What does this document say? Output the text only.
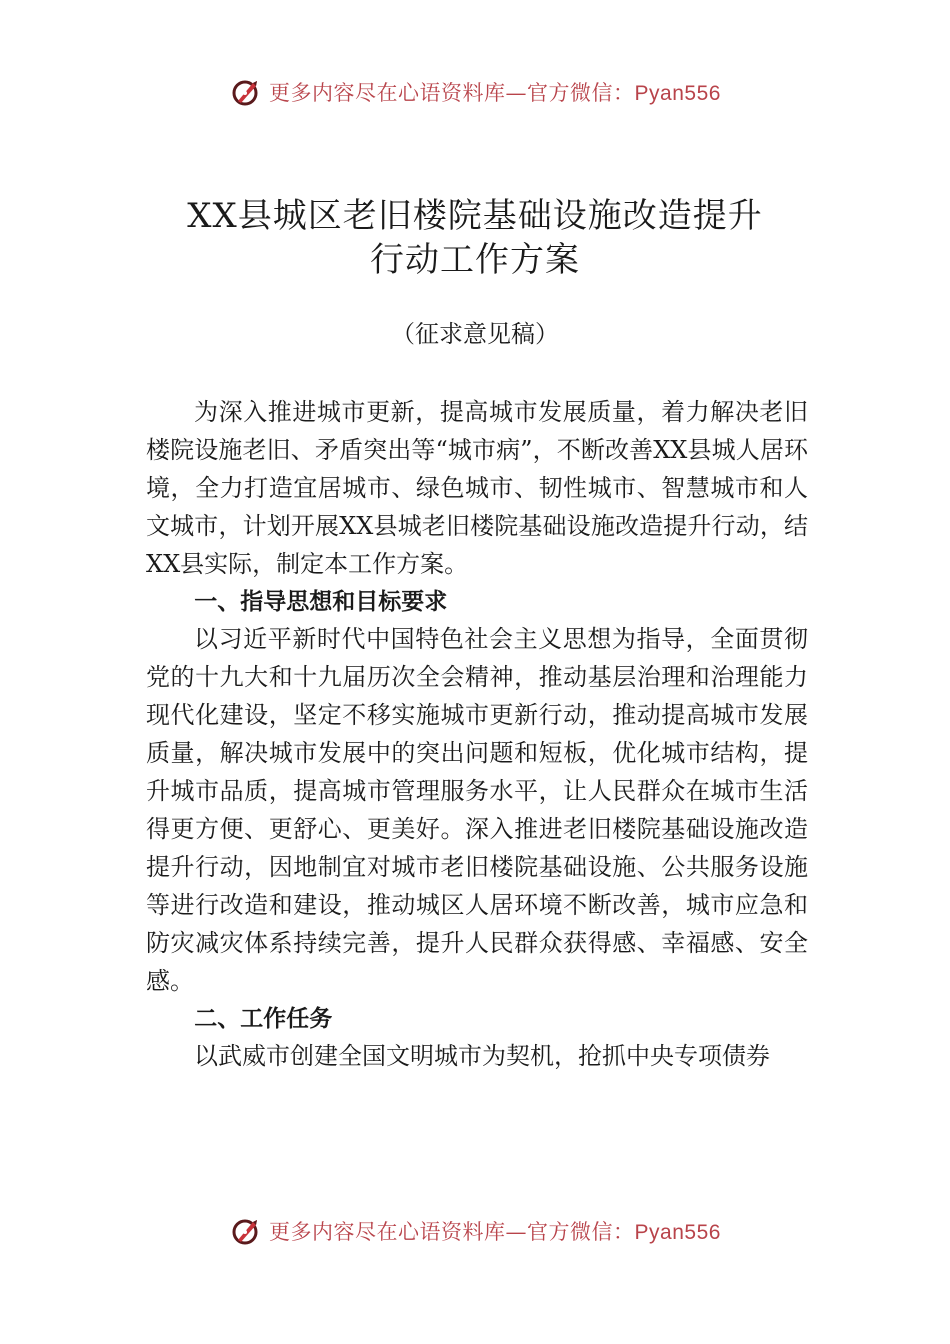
更多内容尽在心语资料库—官方微信：Pyan556
XX县城区老旧楼院基础设施改造提升
行动工作方案
（征求意见稿）

为深入推进城市更新，提高城市发展质量，着力解决老旧楼院设施老旧、矛盾突出等“城市病”，不断改善XX县城人居环境，全力打造宜居城市、绿色城市、韧性城市、智慧城市和人文城市，计划开展XX县城老旧楼院基础设施改造提升行动，结XX县实际，制定本工作方案。

一、指导思想和目标要求

以习近平新时代中国特色社会主义思想为指导，全面贯彻党的十九大和十九届历次全会精神，推动基层治理和治理能力现代化建设，坚定不移实施城市更新行动，推动提高城市发展质量，解决城市发展中的突出问题和短板，优化城市结构，提升城市品质，提高城市管理服务水平，让人民群众在城市生活得更方便、更舒心、更美好。深入推进老旧楼院基础设施改造提升行动，因地制宜对城市老旧楼院基础设施、公共服务设施等进行改造和建设，推动城区人居环境不断改善，城市应急和防灾减灾体系持续完善，提升人民群众获得感、幸福感、安全感。

二、工作任务

以武威市创建全国文明城市为契机，抢抓中央专项债券

更多内容尽在心语资料库—官方微信：Pyan556
